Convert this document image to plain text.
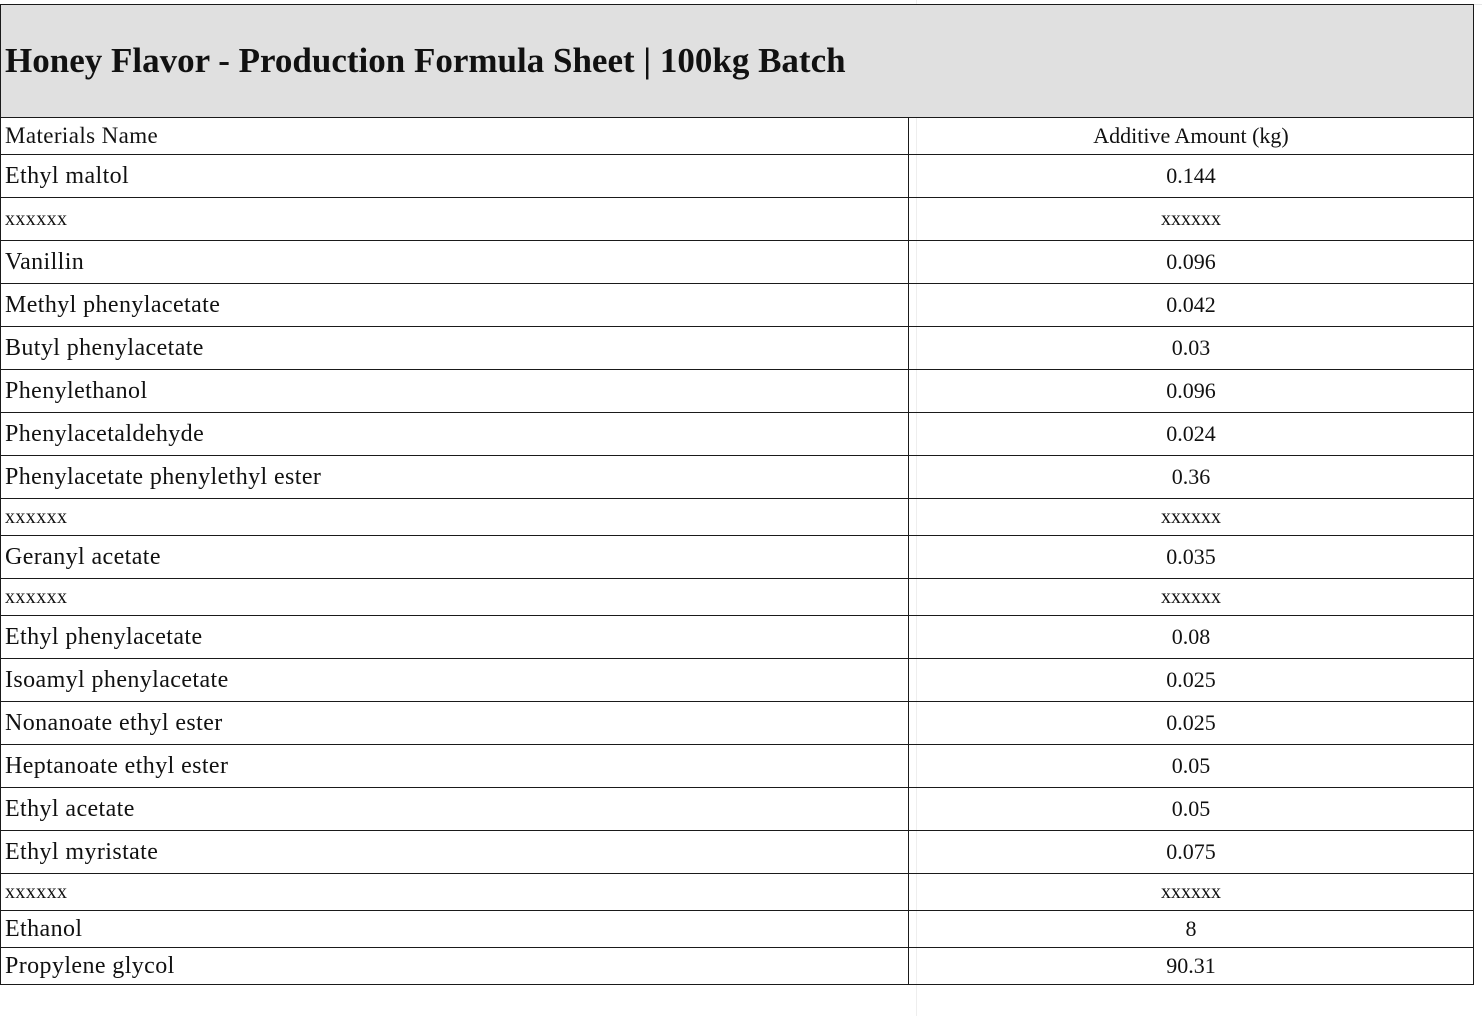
Honey Flavor - Production Formula Sheet | 100kg Batch	
Materials Name	Additive Amount (kg)
Ethyl maltol	0.144
xxxxxx	xxxxxx
Vanillin	0.096
Methyl phenylacetate	0.042
Butyl phenylacetate	0.03
Phenylethanol	0.096
Phenylacetaldehyde	0.024
Phenylacetate phenylethyl ester	0.36
xxxxxx	xxxxxx
Geranyl acetate	0.035
xxxxxx	xxxxxx
Ethyl phenylacetate	0.08
Isoamyl phenylacetate	0.025
Nonanoate ethyl ester	0.025
Heptanoate ethyl ester	0.05
Ethyl acetate	0.05
Ethyl myristate	0.075
xxxxxx	xxxxxx
Ethanol	8
Propylene glycol	90.31
